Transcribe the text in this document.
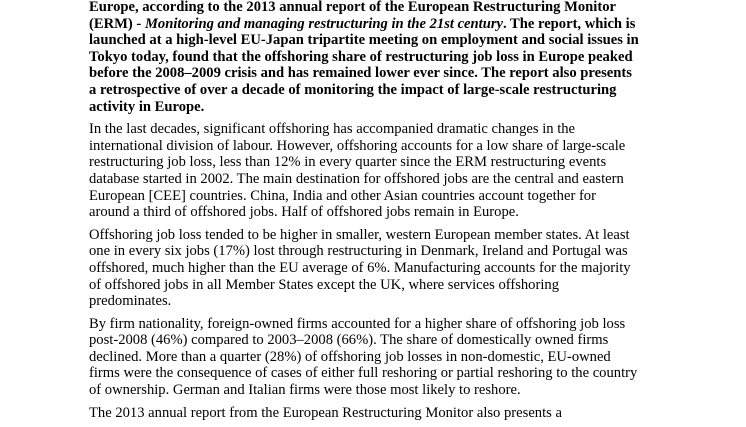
Europe, according to the 2013 annual report of the European Restructuring Monitor
(ERM) - Monitoring and managing restructuring in the 21st century. The report, which is
launched at a high-level EU-Japan tripartite meeting on employment and social issues in
Tokyo today, found that the offshoring share of restructuring job loss in Europe peaked
before the 2008–2009 crisis and has remained lower ever since. The report also presents
a retrospective of over a decade of monitoring the impact of large-scale restructuring
activity in Europe.

In the last decades, significant offshoring has accompanied dramatic changes in the
international division of labour. However, offshoring accounts for a low share of large-scale
restructuring job loss, less than 12% in every quarter since the ERM restructuring events
database started in 2002. The main destination for offshored jobs are the central and eastern
European [CEE] countries. China, India and other Asian countries account together for
around a third of offshored jobs. Half of offshored jobs remain in Europe.

Offshoring job loss tended to be higher in smaller, western European member states. At least
one in every six jobs (17%) lost through restructuring in Denmark, Ireland and Portugal was
offshored, much higher than the EU average of 6%. Manufacturing accounts for the majority
of offshored jobs in all Member States except the UK, where services offshoring
predominates.

By firm nationality, foreign-owned firms accounted for a higher share of offshoring job loss
post-2008 (46%) compared to 2003–2008 (66%). The share of domestically owned firms
declined. More than a quarter (28%) of offshoring job losses in non-domestic, EU-owned
firms were the consequence of cases of either full reshoring or partial reshoring to the country
of ownership. German and Italian firms were those most likely to reshore.

The 2013 annual report from the European Restructuring Monitor also presents a
